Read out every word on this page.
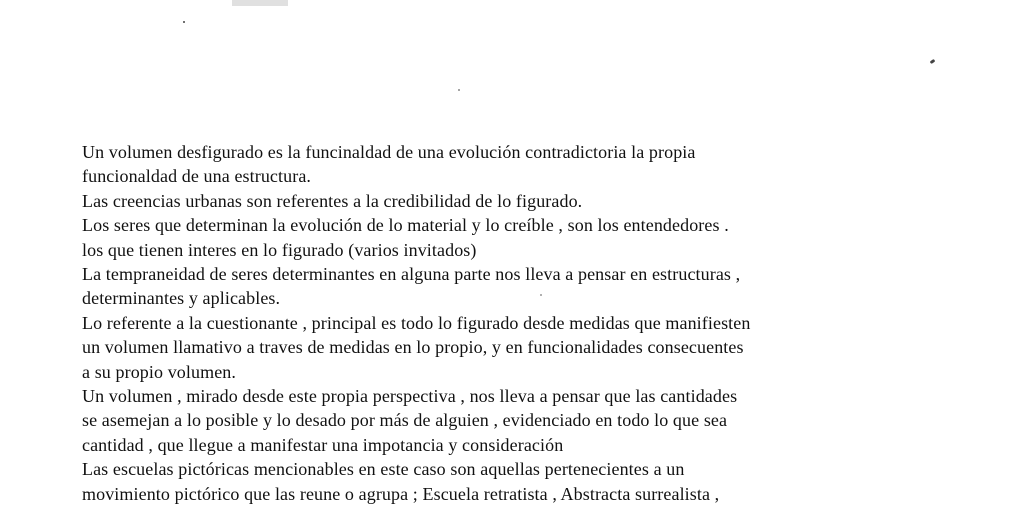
Un volumen desfigurado es la funcinaldad de una evolución contradictoria la propia
funcionaldad de una estructura.
Las creencias urbanas son referentes a la credibilidad de lo figurado.
Los seres que determinan la evolución de lo material y lo creíble , son los entendedores .
los que tienen interes en lo figurado (varios invitados)
La tempraneidad de seres determinantes en alguna parte nos lleva a pensar en estructuras ,
determinantes y aplicables.
Lo referente a la cuestionante , principal es todo lo figurado desde medidas que manifiesten
un volumen llamativo a traves de medidas en lo propio, y en funcionalidades consecuentes
a su propio volumen.
Un volumen , mirado desde este propia perspectiva , nos lleva a pensar que las cantidades
se asemejan a lo posible y lo desado por más de alguien , evidenciado en todo lo que sea
cantidad , que llegue a manifestar una impotancia y consideración
Las escuelas pictóricas mencionables en este caso son aquellas pertenecientes a un
movimiento pictórico que las reune o agrupa ; Escuela retratista , Abstracta surrealista ,
